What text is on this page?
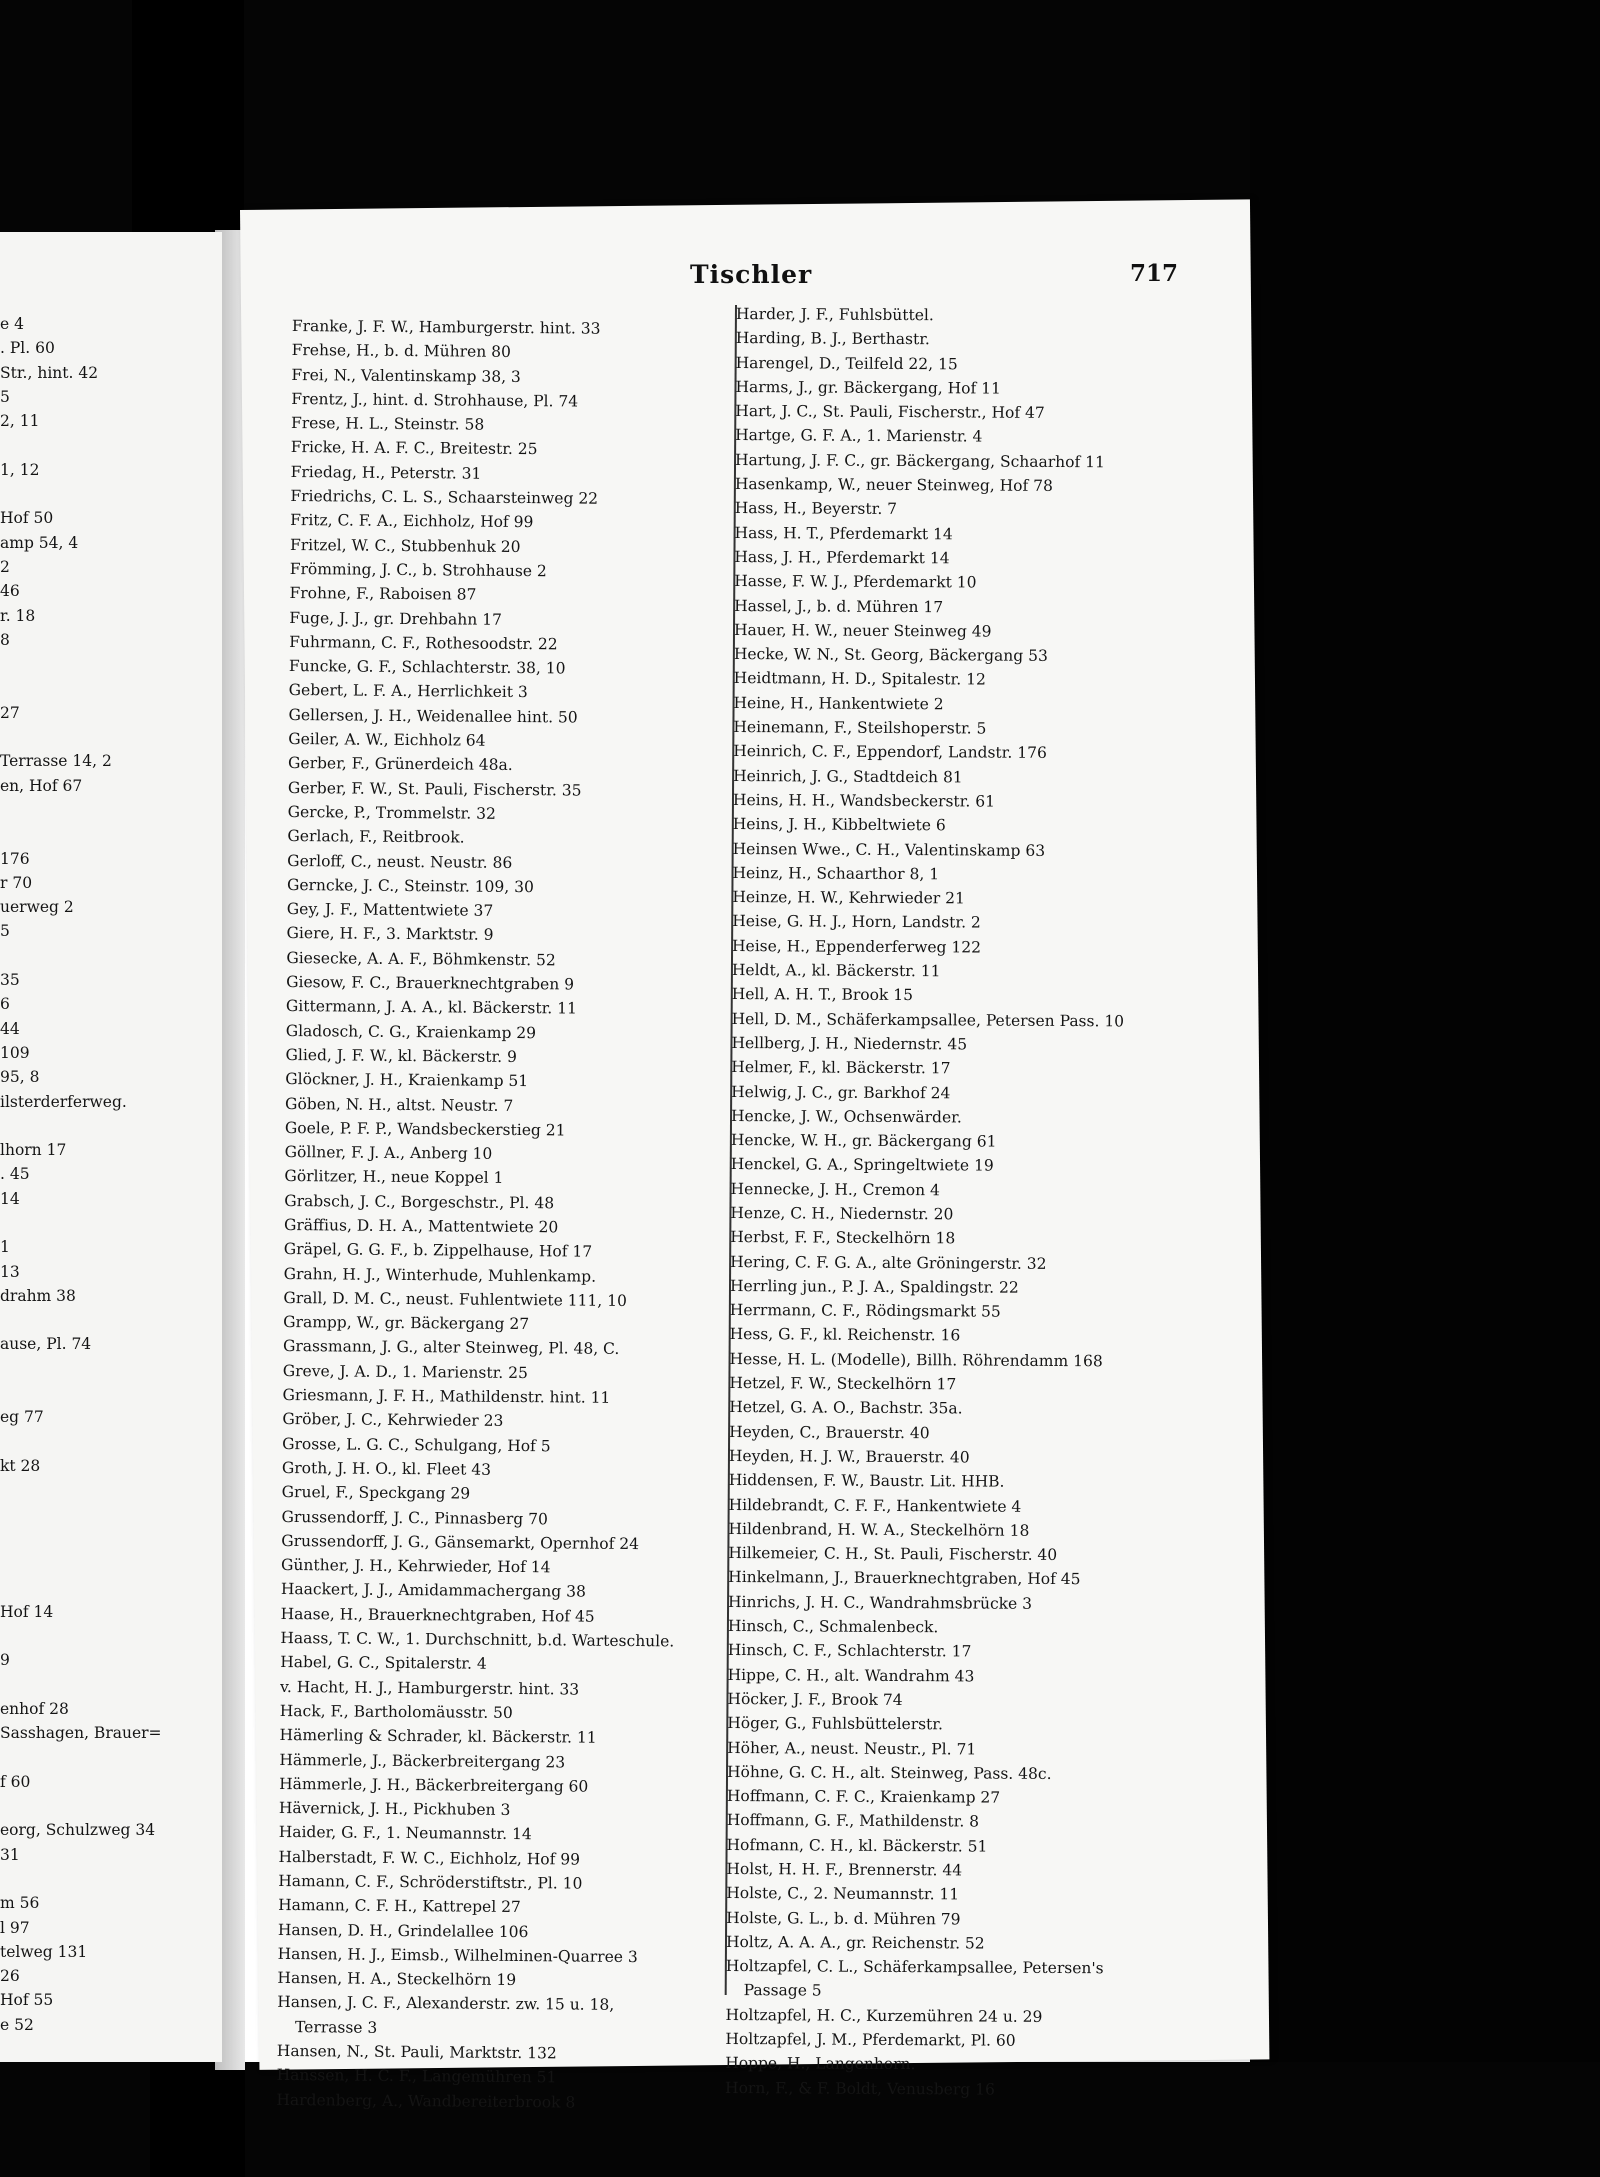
Tischler	717
e 4
. Pl. 60
Str., hint. 42
5
2, 11
1, 12
Hof 50
amp 54, 4
2
46
r. 18
8
27
Terrasse 14, 2
en, Hof 67
176
r 70
uerweg 2
5
35
6
44
109
95, 8
ilsterderferweg.
lhorn 17
. 45
14
1
13
drahm 38
ause, Pl. 74
eg 77
kt 28
Hof 14
9
enhof 28
Sasshagen, Brauer=
f 60
eorg, Schulzweg 34
31
m 56
l 97
telweg 131
26
Hof 55
e 52
Franke, J. F. W., Hamburgerstr. hint. 33
Frehse, H., b. d. Mühren 80
Frei, N., Valentinskamp 38, 3
Frentz, J., hint. d. Strohhause, Pl. 74
Frese, H. L., Steinstr. 58
Fricke, H. A. F. C., Breitestr. 25
Friedag, H., Peterstr. 31
Friedrichs, C. L. S., Schaarsteinweg 22
Fritz, C. F. A., Eichholz, Hof 99
Fritzel, W. C., Stubbenhuk 20
Frömming, J. C., b. Strohhause 2
Frohne, F., Raboisen 87
Fuge, J. J., gr. Drehbahn 17
Fuhrmann, C. F., Rothesoodstr. 22
Funcke, G. F., Schlachterstr. 38, 10
Gebert, L. F. A., Herrlichkeit 3
Gellersen, J. H., Weidenallee hint. 50
Geiler, A. W., Eichholz 64
Gerber, F., Grünerdeich 48a.
Gerber, F. W., St. Pauli, Fischerstr. 35
Gercke, P., Trommelstr. 32
Gerlach, F., Reitbrook.
Gerloff, C., neust. Neustr. 86
Gerncke, J. C., Steinstr. 109, 30
Gey, J. F., Mattentwiete 37
Giere, H. F., 3. Marktstr. 9
Giesecke, A. A. F., Böhmkenstr. 52
Giesow, F. C., Brauerknechtgraben 9
Gittermann, J. A. A., kl. Bäckerstr. 11
Gladosch, C. G., Kraienkamp 29
Glied, J. F. W., kl. Bäckerstr. 9
Glöckner, J. H., Kraienkamp 51
Göben, N. H., altst. Neustr. 7
Goele, P. F. P., Wandsbeckerstieg 21
Göllner, F. J. A., Anberg 10
Görlitzer, H., neue Koppel 1
Grabsch, J. C., Borgeschstr., Pl. 48
Gräffius, D. H. A., Mattentwiete 20
Gräpel, G. G. F., b. Zippelhause, Hof 17
Grahn, H. J., Winterhude, Muhlenkamp.
Grall, D. M. C., neust. Fuhlentwiete 111, 10
Grampp, W., gr. Bäckergang 27
Grassmann, J. G., alter Steinweg, Pl. 48, C.
Greve, J. A. D., 1. Marienstr. 25
Griesmann, J. F. H., Mathildenstr. hint. 11
Gröber, J. C., Kehrwieder 23
Grosse, L. G. C., Schulgang, Hof 5
Groth, J. H. O., kl. Fleet 43
Gruel, F., Speckgang 29
Grussendorff, J. C., Pinnasberg 70
Grussendorff, J. G., Gänsemarkt, Opernhof 24
Günther, J. H., Kehrwieder, Hof 14
Haackert, J. J., Amidammachergang 38
Haase, H., Brauerknechtgraben, Hof 45
Haass, T. C. W., 1. Durchschnitt, b.d. Warteschule.
Habel, G. C., Spitalerstr. 4
v. Hacht, H. J., Hamburgerstr. hint. 33
Hack, F., Bartholomäusstr. 50
Hämerling & Schrader, kl. Bäckerstr. 11
Hämmerle, J., Bäckerbreitergang 23
Hämmerle, J. H., Bäckerbreitergang 60
Hävernick, J. H., Pickhuben 3
Haider, G. F., 1. Neumannstr. 14
Halberstadt, F. W. C., Eichholz, Hof 99
Hamann, C. F., Schröderstiftstr., Pl. 10
Hamann, C. F. H., Kattrepel 27
Hansen, D. H., Grindelallee 106
Hansen, H. J., Eimsb., Wilhelminen-Quarree 3
Hansen, H. A., Steckelhörn 19
Hansen, J. C. F., Alexanderstr. zw. 15 u. 18,
Terrasse 3
Hansen, N., St. Pauli, Marktstr. 132
Hanssen, H. C. F., Langemühren 51
Hardenberg, A., Wandbereiterbrook 8
Harder, J. F., Fuhlsbüttel.
Harding, B. J., Berthastr.
Harengel, D., Teilfeld 22, 15
Harms, J., gr. Bäckergang, Hof 11
Hart, J. C., St. Pauli, Fischerstr., Hof 47
Hartge, G. F. A., 1. Marienstr. 4
Hartung, J. F. C., gr. Bäckergang, Schaarhof 11
Hasenkamp, W., neuer Steinweg, Hof 78
Hass, H., Beyerstr. 7
Hass, H. T., Pferdemarkt 14
Hass, J. H., Pferdemarkt 14
Hasse, F. W. J., Pferdemarkt 10
Hassel, J., b. d. Mühren 17
Hauer, H. W., neuer Steinweg 49
Hecke, W. N., St. Georg, Bäckergang 53
Heidtmann, H. D., Spitalestr. 12
Heine, H., Hankentwiete 2
Heinemann, F., Steilshoperstr. 5
Heinrich, C. F., Eppendorf, Landstr. 176
Heinrich, J. G., Stadtdeich 81
Heins, H. H., Wandsbeckerstr. 61
Heins, J. H., Kibbeltwiete 6
Heinsen Wwe., C. H., Valentinskamp 63
Heinz, H., Schaarthor 8, 1
Heinze, H. W., Kehrwieder 21
Heise, G. H. J., Horn, Landstr. 2
Heise, H., Eppenderferweg 122
Heldt, A., kl. Bäckerstr. 11
Hell, A. H. T., Brook 15
Hell, D. M., Schäferkampsallee, Petersen Pass. 10
Hellberg, J. H., Niedernstr. 45
Helmer, F., kl. Bäckerstr. 17
Helwig, J. C., gr. Barkhof 24
Hencke, J. W., Ochsenwärder.
Hencke, W. H., gr. Bäckergang 61
Henckel, G. A., Springeltwiete 19
Hennecke, J. H., Cremon 4
Henze, C. H., Niedernstr. 20
Herbst, F. F., Steckelhörn 18
Hering, C. F. G. A., alte Gröningerstr. 32
Herrling jun., P. J. A., Spaldingstr. 22
Herrmann, C. F., Rödingsmarkt 55
Hess, G. F., kl. Reichenstr. 16
Hesse, H. L. (Modelle), Billh. Röhrendamm 168
Hetzel, F. W., Steckelhörn 17
Hetzel, G. A. O., Bachstr. 35a.
Heyden, C., Brauerstr. 40
Heyden, H. J. W., Brauerstr. 40
Hiddensen, F. W., Baustr. Lit. HHB.
Hildebrandt, C. F. F., Hankentwiete 4
Hildenbrand, H. W. A., Steckelhörn 18
Hilkemeier, C. H., St. Pauli, Fischerstr. 40
Hinkelmann, J., Brauerknechtgraben, Hof 45
Hinrichs, J. H. C., Wandrahmsbrücke 3
Hinsch, C., Schmalenbeck.
Hinsch, C. F., Schlachterstr. 17
Hippe, C. H., alt. Wandrahm 43
Höcker, J. F., Brook 74
Höger, G., Fuhlsbüttelerstr.
Höher, A., neust. Neustr., Pl. 71
Höhne, G. C. H., alt. Steinweg, Pass. 48c.
Hoffmann, C. F. C., Kraienkamp 27
Hoffmann, G. F., Mathildenstr. 8
Hofmann, C. H., kl. Bäckerstr. 51
Holst, H. H. F., Brennerstr. 44
Holste, C., 2. Neumannstr. 11
Holste, G. L., b. d. Mühren 79
Holtz, A. A. A., gr. Reichenstr. 52
Holtzapfel, C. L., Schäferkampsallee, Petersen's
Passage 5
Holtzapfel, H. C., Kurzemühren 24 u. 29
Holtzapfel, J. M., Pferdemarkt, Pl. 60
Hoppe, H., Langenhorn.
Horn, F., & F. Boldt, Venusberg 16
